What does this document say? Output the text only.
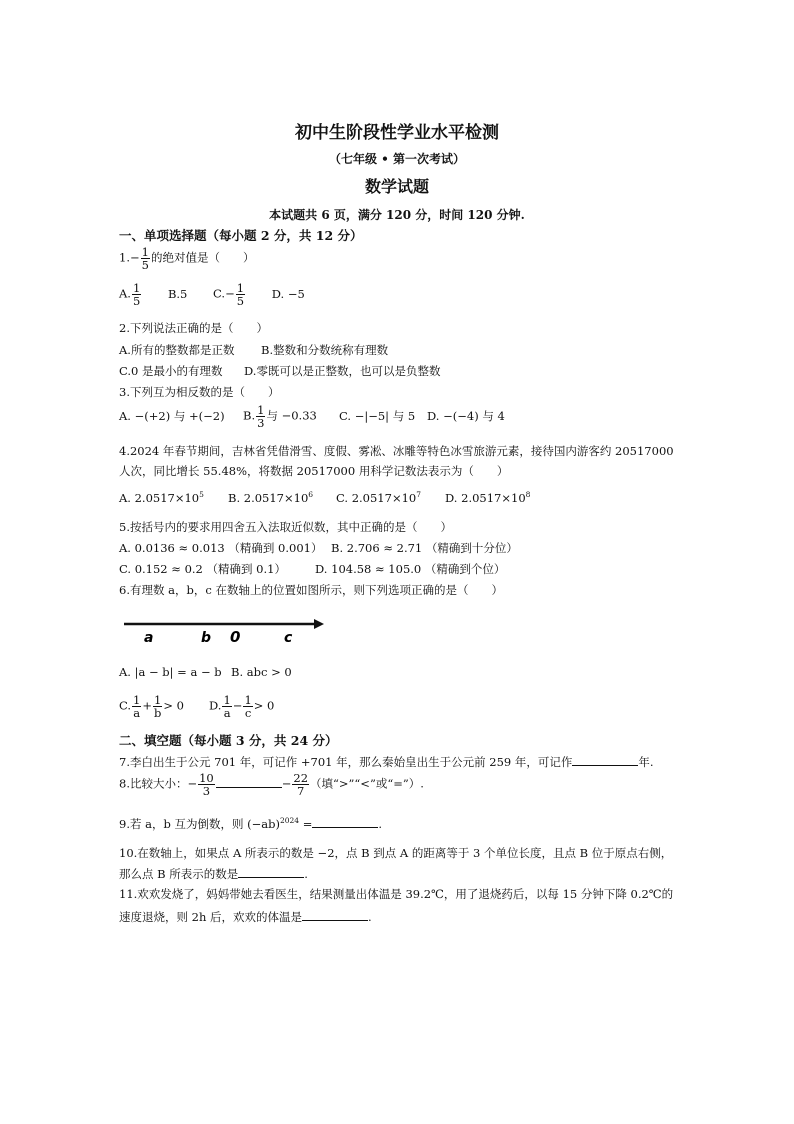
初中生阶段性学业水平检测
（七年级 • 第一次考试）
数学试题
本试题共 6 页，满分 120 分，时间 120 分钟.
一、单项选择题（每小题 2 分，共 12 分）
$1.- \frac{1}{5}$ 的绝对值是（　　）
A. $\frac{1}{5} B.5$ $C.- \frac{1}{5} D$. −5
2.下列说法正确的是（　　）
A.所有的整数都是正数 B.整数和分数统称有理数
C.0 是最小的有理数 D.零既可以是正整数，也可以是负整数
3.下列互为相反数的是（　　）
A. −(+2) 与 +(−2) B. $\frac{1}{3}$ 与 −0.33 C. −|−5| 与 5 D. −(−4) 与 4
4.2024 年春节期间，吉林省凭借滑雪、度假、雾凇、冰雕等特色冰雪旅游元素，接待国内游客约 20517000
人次，同比增长 55.48%，将数据 20517000 用科学记数法表示为（　　）
A. $2.0517\times 10^5$ B. $2.0517\times 10^6$ C. $2.0517\times 10^7$ D. $2.0517\times 10^8$
5.按括号内的要求用四舍五入法取近似数，其中正确的是（　　）
A. 0.0136 ≈ 0.013 （精确到 0.001） B. 2.706 ≈ 2.71 （精确到十分位）
C. 0.152 ≈ 0.2 （精确到 0.1）	D. 104.58 ≈ 105.0 （精确到个位）
6.有理数 a，b，c 在数轴上的位置如图所示，则下列选项正确的是（　　）
a	b 0	c
A. |a − b| = a − b B. abc > 0
C. $\frac{1}{a} + \frac{1}{b} > 0$ D. $\frac{1}{a} - \frac{1}{c} > 0$
二、填空题（每小题 3 分，共 24 分）
7.李白出生于公元 701 年，可记作 +701 年，那么秦始皇出生于公元前 259 年，可记作	年.
8.比较大小：− $\frac{10}{3}$	− $\frac{22}{7}$ （填“>”“<”或“=”）.
9.若 a，b 互为倒数，则 $(-ab)^{2024}$ =	.
10.在数轴上，如果点 A 所表示的数是 −2，点 B 到点 A 的距离等于 3 个单位长度，且点 B 位于原点右侧，
那么点 B 所表示的数是	.
11.欢欢发烧了，妈妈带她去看医生，结果测量出体温是 39.2℃，用了退烧药后，以每 15 分钟下降 0.2℃的
速度退烧，则 2h 后，欢欢的体温是	.
